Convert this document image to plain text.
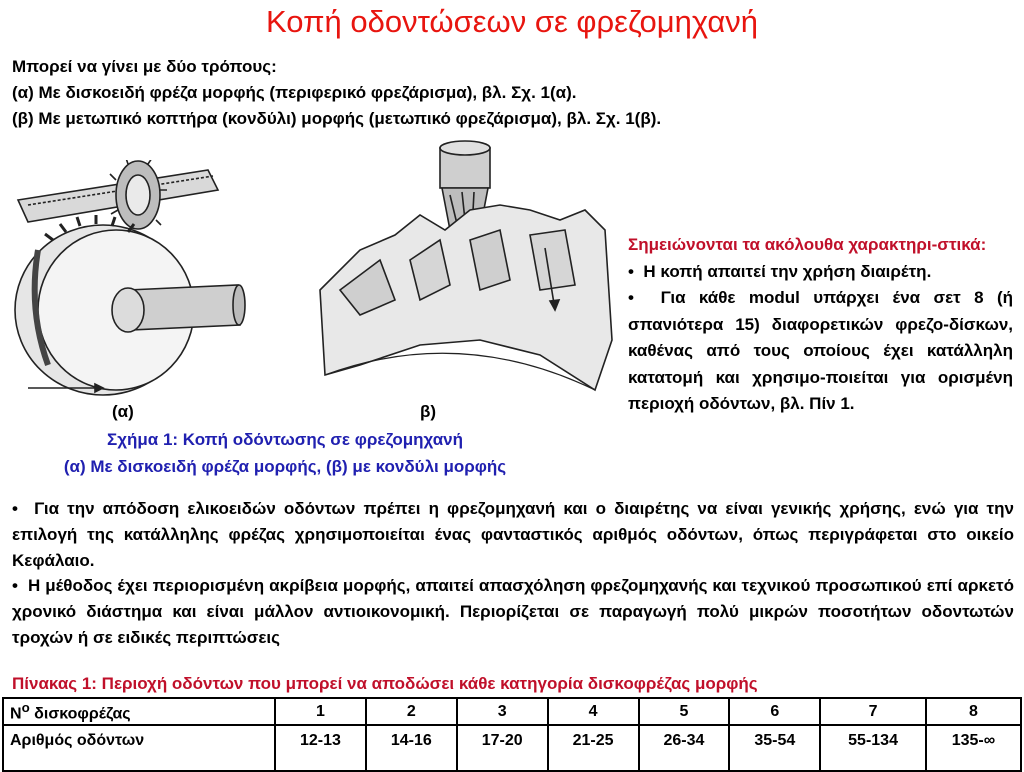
Κοπή οδοντώσεων σε φρεζομηχανή
Μπορεί να γίνει με δύο τρόπους:
(α) Με δισκοειδή φρέζα μορφής (περιφερικό φρεζάρισμα), βλ. Σχ. 1(α).
(β) Με μετωπικό κοπτήρα (κονδύλι) μορφής (μετωπικό φρεζάρισμα), βλ. Σχ. 1(β).
(α)	β)
Σχήμα 1: Κοπή οδόντωσης σε φρεζομηχανή
(α) Με δισκοειδή φρέζα μορφής, (β) με κονδύλι μορφής
Σημειώνονται τα ακόλουθα χαρακτηρι-στικά:
•  Η κοπή απαιτεί την χρήση διαιρέτη.
•  Για κάθε modul υπάρχει ένα σετ 8 (ή σπανιότερα 15) διαφορετικών φρεζο-δίσκων, καθένας από τους οποίους έχει κατάλληλη κατατομή και χρησιμο-ποιείται για ορισμένη περιοχή οδόντων, βλ. Πίν 1.

•  Για την απόδοση ελικοειδών οδόντων πρέπει η φρεζομηχανή και ο διαιρέτης να είναι γενικής χρήσης, ενώ για την επιλογή της κατάλληλης φρέζας χρησιμοποιείται ένας φανταστικός αριθμός οδόντων, όπως περιγράφεται στο οικείο Κεφάλαιο.

•  Η μέθοδος έχει περιορισμένη ακρίβεια μορφής, απαιτεί απασχόληση φρεζομηχανής και τεχνικού προσωπικού επί αρκετό χρονικό διάστημα και είναι μάλλον αντιοικονομική. Περιορίζεται σε παραγωγή πολύ μικρών ποσοτήτων οδοντωτών τροχών ή σε ειδικές περιπτώσεις

Πίνακας 1: Περιοχή οδόντων που μπορεί να αποδώσει κάθε κατηγορία δισκοφρέζας μορφής
$N^o$ δισκοφρέζας	1	2	3	4	5	6	7	8
Αριθμός οδόντων	12-13	14-16	17-20	21-25	26-34	35-54	55-134	135-∞
